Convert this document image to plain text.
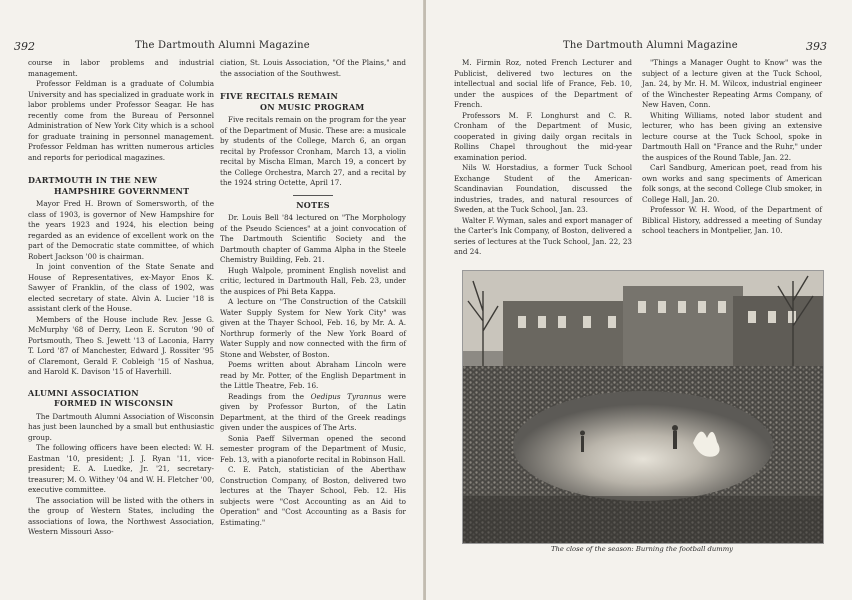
392	The Dartmouth Alumni Magazine

course in labor problems and industrial management.

Professor Feldman is a graduate of Columbia University and has specialized in graduate work in labor problems under Professor Seagar. He has recently come from the Bureau of Personnel Administration of New York City which is a school for graduate training in personnel management. Professor Feldman has written numerous articles and reports for periodical magazines.

DARTMOUTH IN THE NEW
HAMPSHIRE GOVERNMENT

Mayor Fred H. Brown of Somersworth, of the class of 1903, is governor of New Hampshire for the years 1923 and 1924, his election being regarded as an evidence of excellent work on the part of the Democratic state committee, of which Robert Jackson '00 is chairman.

In joint convention of the State Senate and House of Representatives, ex-Mayor Enos K. Sawyer of Franklin, of the class of 1902, was elected secretary of state. Alvin A. Lucier '18 is assistant clerk of the House.

Members of the House include Rev. Jesse G. McMurphy '68 of Derry, Leon E. Scruton '90 of Portsmouth, Theo S. Jewett '13 of Laconia, Harry T. Lord '87 of Manchester, Edward J. Rossiter '95 of Claremont, Gerald F. Cobleigh '15 of Nashua, and Harold K. Davison '15 of Haverhill.

ALUMNI ASSOCIATION
FORMED IN WISCONSIN

The Dartmouth Alumni Association of Wisconsin has just been launched by a small but enthusiastic group.

The following officers have been elected: W. H. Eastman '10, president; J. J. Ryan '11, vice-president; E. A. Luedke, Jr. '21, secretary-treasurer; M. O. Withey '04 and W. H. Fletcher '00, executive committee.

The association will be listed with the others in the group of Western States, including the associations of Iowa, the Northwest Association, Western Missouri Asso-

ciation, St. Louis Association, "Of the Plains," and the association of the Southwest.

FIVE RECITALS REMAIN
ON MUSIC PROGRAM

Five recitals remain on the program for the year of the Department of Music. These are: a musicale by students of the College, March 6, an organ recital by Professor Cronham, March 13, a violin recital by Mischa Elman, March 19, a concert by the College Orchestra, March 27, and a recital by the 1924 string Octette, April 17.

NOTES

Dr. Louis Bell '84 lectured on "The Morphology of the Pseudo Sciences" at a joint convocation of The Dartmouth Scientific Society and the Dartmouth chapter of Gamma Alpha in the Steele Chemistry Building, Feb. 21.

Hugh Walpole, prominent English novelist and critic, lectured in Dartmouth Hall, Feb. 23, under the auspices of Phi Beta Kappa.

A lecture on "The Construction of the Catskill Water Supply System for New York City" was given at the Thayer School, Feb. 16, by Mr. A. A. Northrup formerly of the New York Board of Water Supply and now connected with the firm of Stone and Webster, of Boston.

Poems written about Abraham Lincoln were read by Mr. Potter, of the English Department in the Little Theatre, Feb. 16.

Readings from the Oedipus Tyrannus were given by Professor Burton, of the Latin Department, at the third of the Greek readings given under the auspices of The Arts.

Sonia Paeff Silverman opened the second semester program of the Department of Music, Feb. 13, with a pianoforte recital in Robinson Hall.

C. E. Patch, statistician of the Aberthaw Construction Company, of Boston, delivered two lectures at the Thayer School, Feb. 12. His subjects were "Cost Accounting as an Aid to Operation" and "Cost Accounting as a Basis for Estimating."

The Dartmouth Alumni Magazine	393

M. Firmin Roz, noted French Lecturer and Publicist, delivered two lectures on the intellectual and social life of France, Feb. 10, under the auspices of the Department of French.

Professors M. F. Longhurst and C. R. Cronham of the Department of Music, cooperated in giving daily organ recitals in Rollins Chapel throughout the mid-year examination period.

Nils W. Horstadius, a former Tuck School Exchange Student of the American-Scandinavian Foundation, discussed the industries, trades, and natural resources of Sweden, at the Tuck School, Jan. 23.

Walter F. Wyman, sales and export manager of the Carter's Ink Company, of Boston, delivered a series of lectures at the Tuck School, Jan. 22, 23 and 24.

"Things a Manager Ought to Know" was the subject of a lecture given at the Tuck School, Jan. 24, by Mr. H. M. Wilcox, industrial engineer of the Winchester Repeating Arms Company, of New Haven, Conn.

Whiting Williams, noted labor student and lecturer, who has been giving an extensive lecture course at the Tuck School, spoke in Dartmouth Hall on "France and the Ruhr," under the auspices of the Round Table, Jan. 22.

Carl Sandburg, American poet, read from his own works and sang speciments of American folk songs, at the second College Club smoker, in College Hall, Jan. 20.

Professor W. H. Wood, of the Department of Biblical History, addressed a meeting of Sunday school teachers in Montpelier, Jan. 10.

The close of the season: Burning the football dummy
